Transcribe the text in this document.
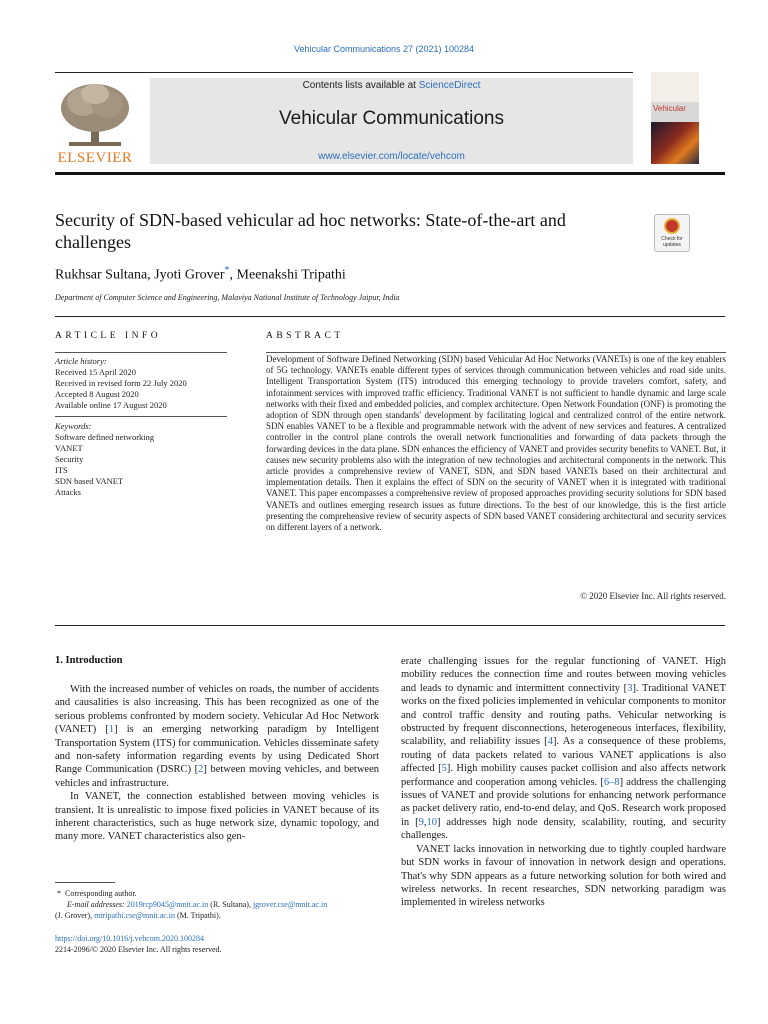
Vehicular Communications 27 (2021) 100284
ELSEVIER
Contents lists available at ScienceDirect
Vehicular Communications
www.elsevier.com/locate/vehcom
Vehicular
Security of SDN-based vehicular ad hoc networks: State-of-the-art and challenges	Check for updates
Rukhsar Sultana, Jyoti Grover*, Meenakshi Tripathi
Department of Computer Science and Engineering, Malaviya National Institute of Technology Jaipur, India
ARTICLE INFO
Article history:
Received 15 April 2020
Received in revised form 22 July 2020
Accepted 8 August 2020
Available online 17 August 2020
Keywords:
Software defined networking
VANET
Security
ITS
SDN based VANET
Attacks
ABSTRACT
Development of Software Defined Networking (SDN) based Vehicular Ad Hoc Networks (VANETs) is one of the key enablers of 5G technology. VANETs enable different types of services through communication between vehicles and road side units. Intelligent Transportation System (ITS) introduced this emerging technology to provide travelers comfort, safety, and infotainment services with improved traffic efficiency. Traditional VANET is not sufficient to handle dynamic and large scale networks with their fixed and embedded policies, and complex architecture. Open Network Foundation (ONF) is promoting the adoption of SDN through open standards' development by facilitating logical and centralized control of the entire network. SDN enables VANET to be a flexible and programmable network with the advent of new services and features. A centralized controller in the control plane controls the overall network functionalities and forwarding of data packets through the forwarding devices in the data plane. SDN enhances the efficiency of VANET and provides security benefits to VANET. But, it causes new security problems also with the integration of new technologies and architectural components in the network. This article provides a comprehensive review of VANET, SDN, and SDN based VANETs based on their architectural and implementation details. Then it explains the effect of SDN on the security of VANET when it is integrated with traditional VANET. This paper encompasses a comprehensive review of proposed approaches providing security solutions for SDN based VANETs and outlines emerging research issues as future directions. To the best of our knowledge, this is the first article presenting the comprehensive review of security aspects of SDN based VANET considering architectural and security services on different layers of a network.
© 2020 Elsevier Inc. All rights reserved.
1. Introduction

With the increased number of vehicles on roads, the number of accidents and causalities is also increasing. This has been recognized as one of the serious problems confronted by modern society. Vehicular Ad Hoc Network (VANET) [1] is an emerging networking paradigm by Intelligent Transportation System (ITS) for communication. Vehicles disseminate safety and non-safety information regarding events by using Dedicated Short Range Communication (DSRC) [2] between moving vehicles, and between vehicles and infrastructure.

In VANET, the connection established between moving vehicles is transient. It is unrealistic to impose fixed policies in VANET because of its inherent characteristics, such as huge network size, dynamic topology, and many more. VANET characteristics also gen-

erate challenging issues for the regular functioning of VANET. High mobility reduces the connection time and routes between moving vehicles and leads to dynamic and intermittent connectivity [3]. Traditional VANET works on the fixed policies implemented in vehicular components to monitor and control traffic density and routing paths. Vehicular networking is obstructed by frequent disconnections, heterogeneous interfaces, flexibility, scalability, and reliability issues [4]. As a consequence of these problems, routing of data packets related to various VANET applications is also affected [5]. High mobility causes packet collision and also affects network performance and cooperation among vehicles. [6–8] address the challenging issues of VANET and provide solutions for enhancing network performance as packet delivery ratio, end-to-end delay, and QoS. Research work proposed in [9,10] addresses high node density, scalability, routing, and security challenges.

VANET lacks innovation in networking due to tightly coupled hardware but SDN works in favour of innovation in network design and operations. That's why SDN appears as a future networking solution for both wired and wireless networks. In recent researches, SDN networking paradigm was implemented in wireless networks

* Corresponding author.
E-mail addresses: 2019rcp9045@mnit.ac.in (R. Sultana), jgrover.cse@mnit.ac.in
(J. Grover), mtripathi.cse@mnit.ac.in (M. Tripathi).
https://doi.org/10.1016/j.vehcom.2020.100284
2214-2096/© 2020 Elsevier Inc. All rights reserved.
